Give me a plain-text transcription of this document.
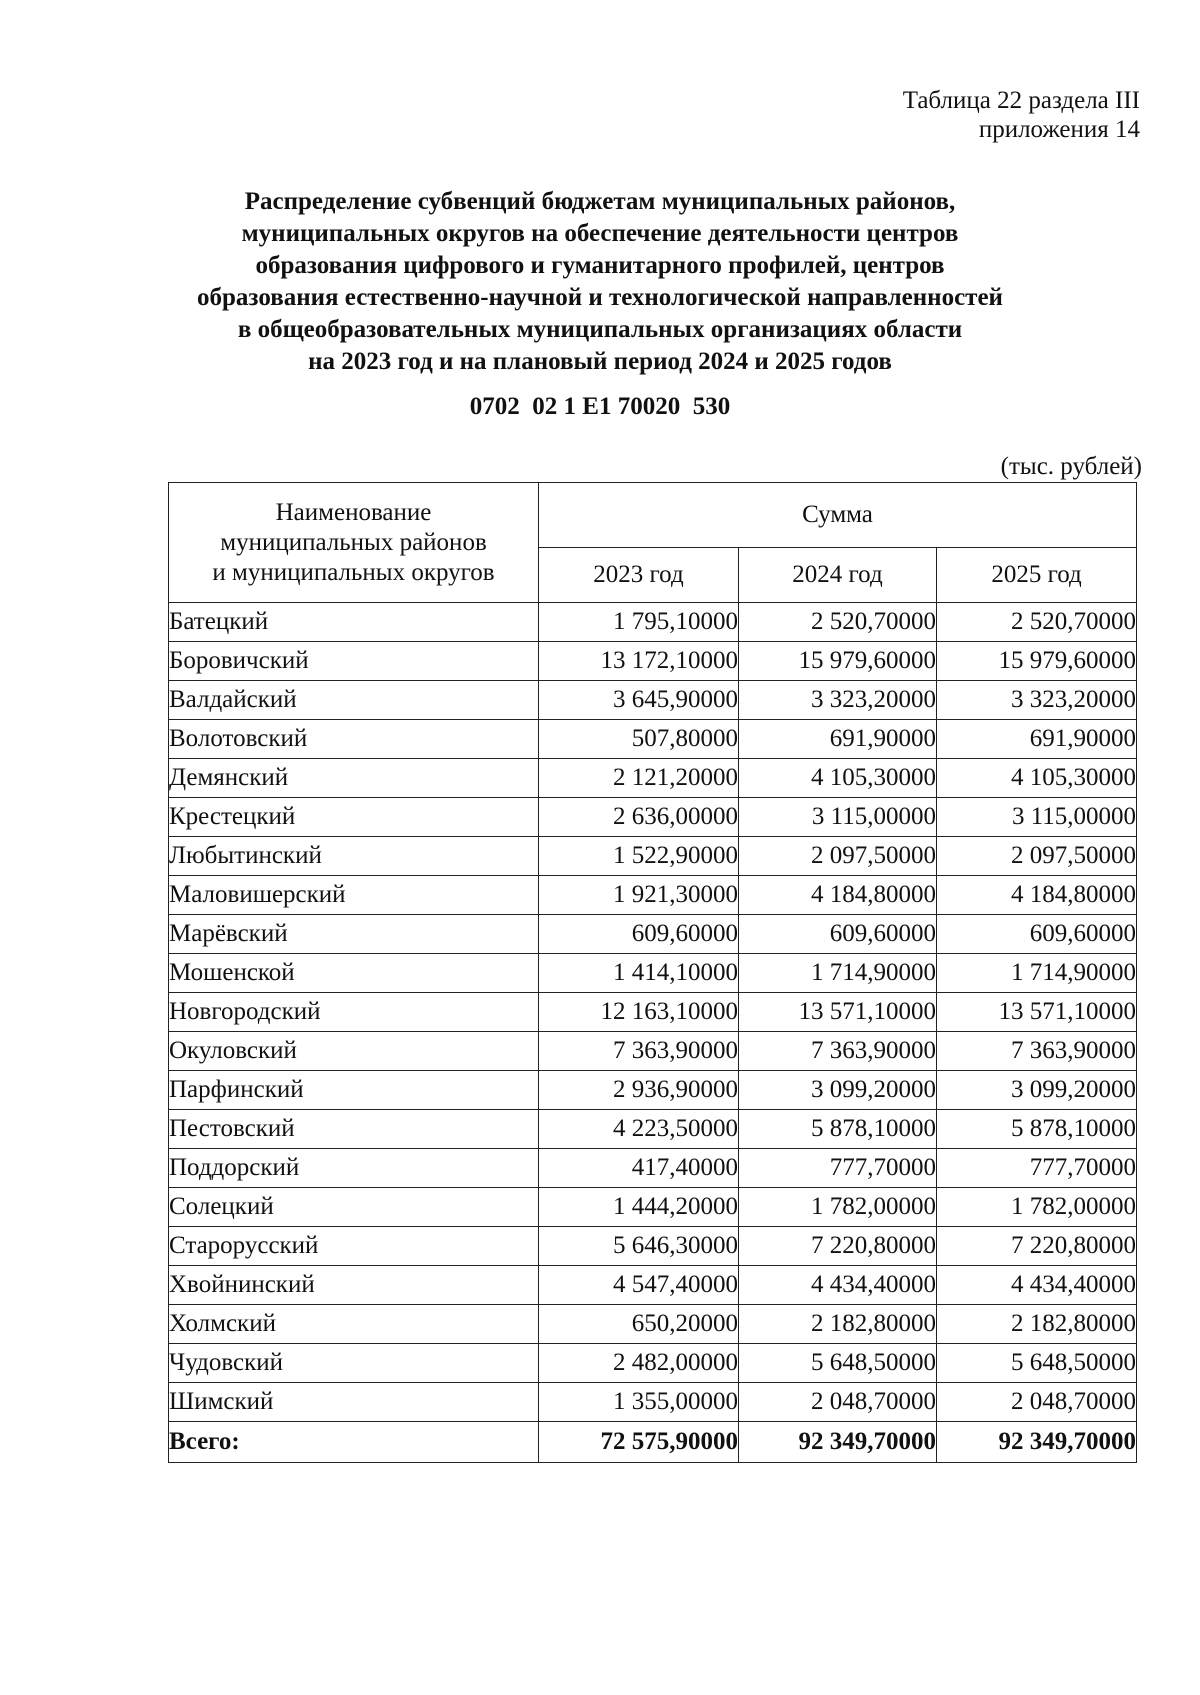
Таблица 22 раздела III
приложения 14
Распределение субвенций бюджетам муниципальных районов,
муниципальных округов на обеспечение деятельности центров
образования цифрового и гуманитарного профилей, центров
образования естественно-научной и технологической направленностей
в общеобразовательных муниципальных организациях области
на 2023 год и на плановый период 2024 и 2025 годов
0702  02 1 Е1 70020  530
(тыс. рублей)
Наименование
муниципальных районов
и муниципальных округов	Сумма		
	2023 год	2024 год	2025 год
Батецкий	1 795,10000	2 520,70000	2 520,70000
Боровичский	13 172,10000	15 979,60000	15 979,60000
Валдайский	3 645,90000	3 323,20000	3 323,20000
Волотовский	507,80000	691,90000	691,90000
Демянский	2 121,20000	4 105,30000	4 105,30000
Крестецкий	2 636,00000	3 115,00000	3 115,00000
Любытинский	1 522,90000	2 097,50000	2 097,50000
Маловишерский	1 921,30000	4 184,80000	4 184,80000
Марёвский	609,60000	609,60000	609,60000
Мошенской	1 414,10000	1 714,90000	1 714,90000
Новгородский	12 163,10000	13 571,10000	13 571,10000
Окуловский	7 363,90000	7 363,90000	7 363,90000
Парфинский	2 936,90000	3 099,20000	3 099,20000
Пестовский	4 223,50000	5 878,10000	5 878,10000
Поддорский	417,40000	777,70000	777,70000
Солецкий	1 444,20000	1 782,00000	1 782,00000
Старорусский	5 646,30000	7 220,80000	7 220,80000
Хвойнинский	4 547,40000	4 434,40000	4 434,40000
Холмский	650,20000	2 182,80000	2 182,80000
Чудовский	2 482,00000	5 648,50000	5 648,50000
Шимский	1 355,00000	2 048,70000	2 048,70000
Всего:	72 575,90000	92 349,70000	92 349,70000
